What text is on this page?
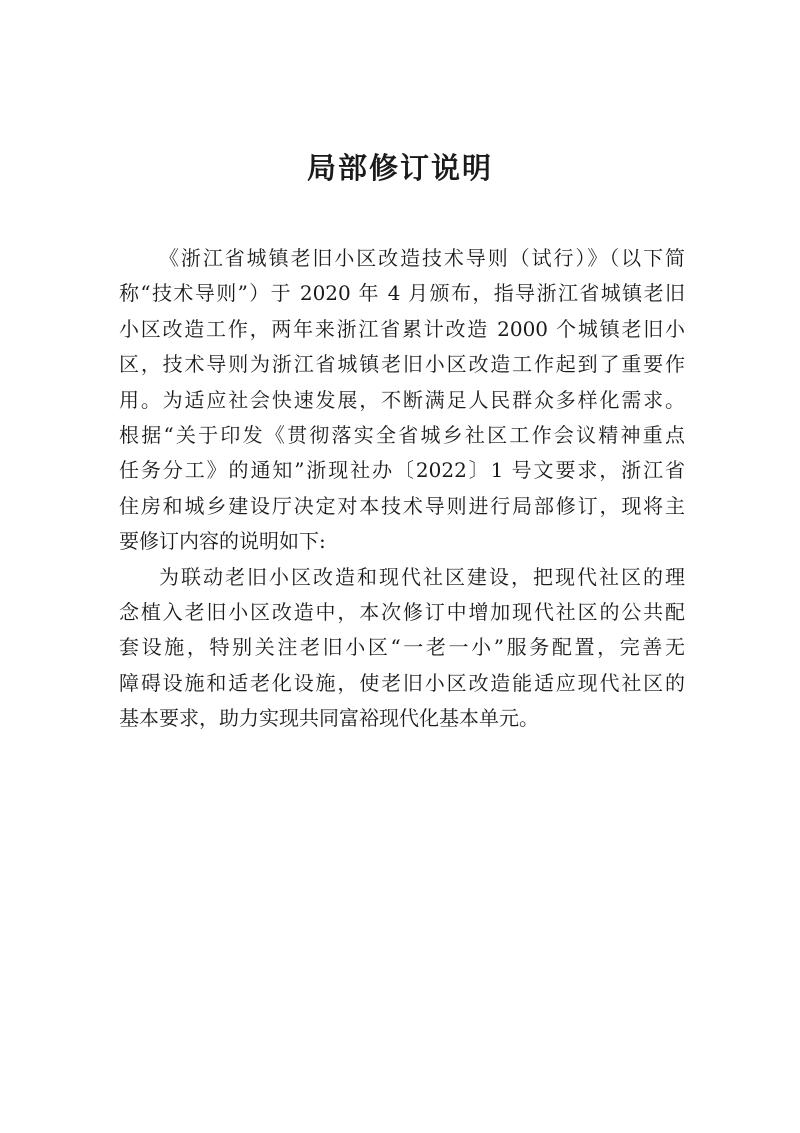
局部修订说明
《浙江省城镇老旧小区改造技术导则（试行）》（以下简
称“技术导则”）于 2020 年 4 月颁布，指导浙江省城镇老旧
小区改造工作，两年来浙江省累计改造 2000 个城镇老旧小
区，技术导则为浙江省城镇老旧小区改造工作起到了重要作
用。为适应社会快速发展，不断满足人民群众多样化需求。
根据“关于印发《贯彻落实全省城乡社区工作会议精神重点
任务分工》的通知”浙现社办〔2022〕1 号文要求，浙江省
住房和城乡建设厅决定对本技术导则进行局部修订，现将主
要修订内容的说明如下:
为联动老旧小区改造和现代社区建设，把现代社区的理
念植入老旧小区改造中，本次修订中增加现代社区的公共配
套设施，特别关注老旧小区“一老一小”服务配置，完善无
障碍设施和适老化设施，使老旧小区改造能适应现代社区的
基本要求，助力实现共同富裕现代化基本单元。
